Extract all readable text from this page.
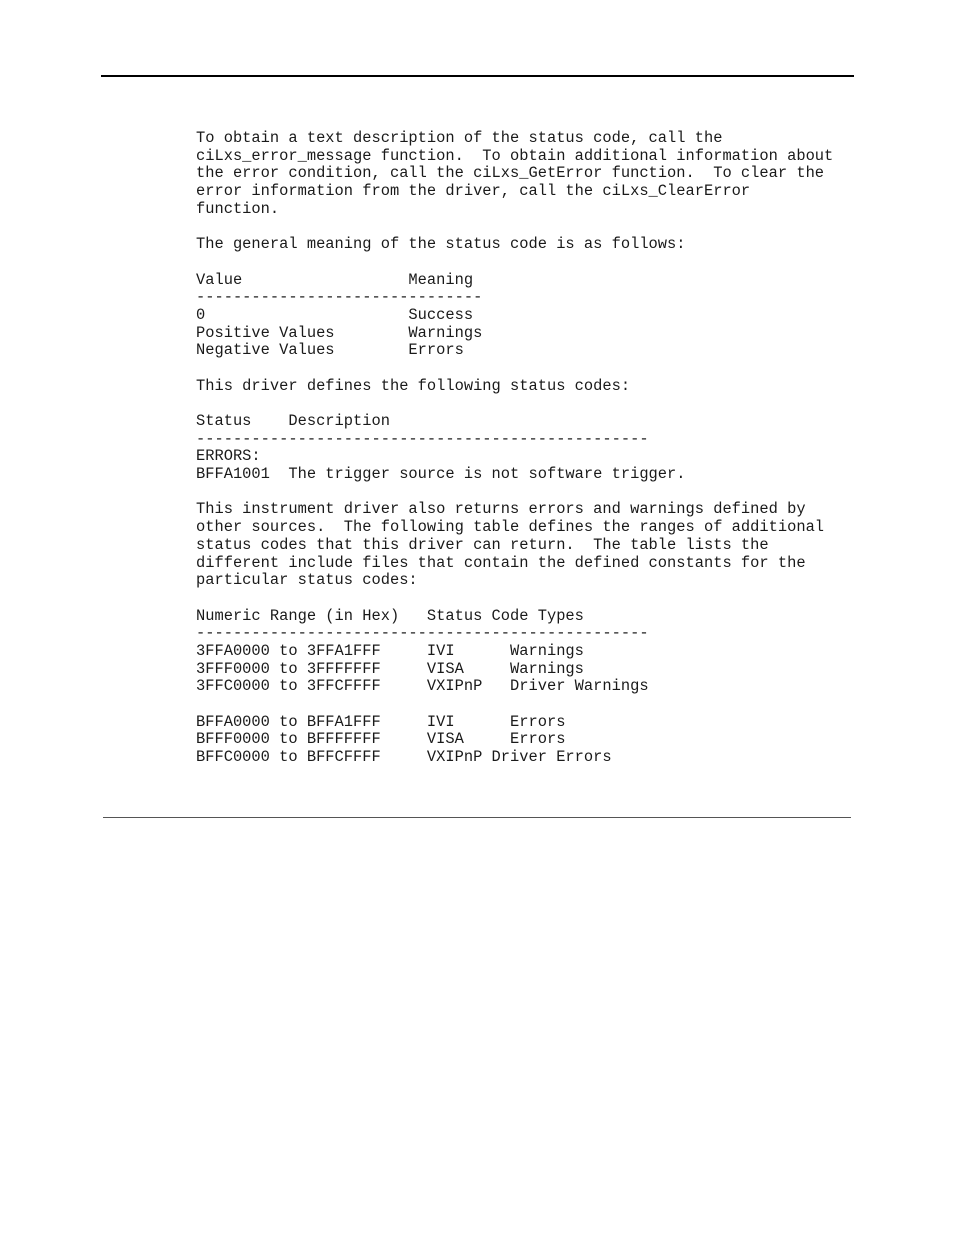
To obtain a text description of the status code, call the
ciLxs_error_message function.  To obtain additional information about
the error condition, call the ciLxs_GetError function.  To clear the
error information from the driver, call the ciLxs_ClearError
function.
The general meaning of the status code is as follows:
Value                  Meaning
-------------------------------
0                      Success
Positive Values        Warnings
Negative Values        Errors
This driver defines the following status codes:
Status    Description
-------------------------------------------------
ERRORS:
BFFA1001  The trigger source is not software trigger.
This instrument driver also returns errors and warnings defined by
other sources.  The following table defines the ranges of additional
status codes that this driver can return.  The table lists the
different include files that contain the defined constants for the
particular status codes:
Numeric Range (in Hex)   Status Code Types
-------------------------------------------------
3FFA0000 to 3FFA1FFF     IVI      Warnings
3FFF0000 to 3FFFFFFF     VISA     Warnings
3FFC0000 to 3FFCFFFF     VXIPnP   Driver Warnings
BFFA0000 to BFFA1FFF     IVI      Errors
BFFF0000 to BFFFFFFF     VISA     Errors
BFFC0000 to BFFCFFFF     VXIPnP Driver Errors
